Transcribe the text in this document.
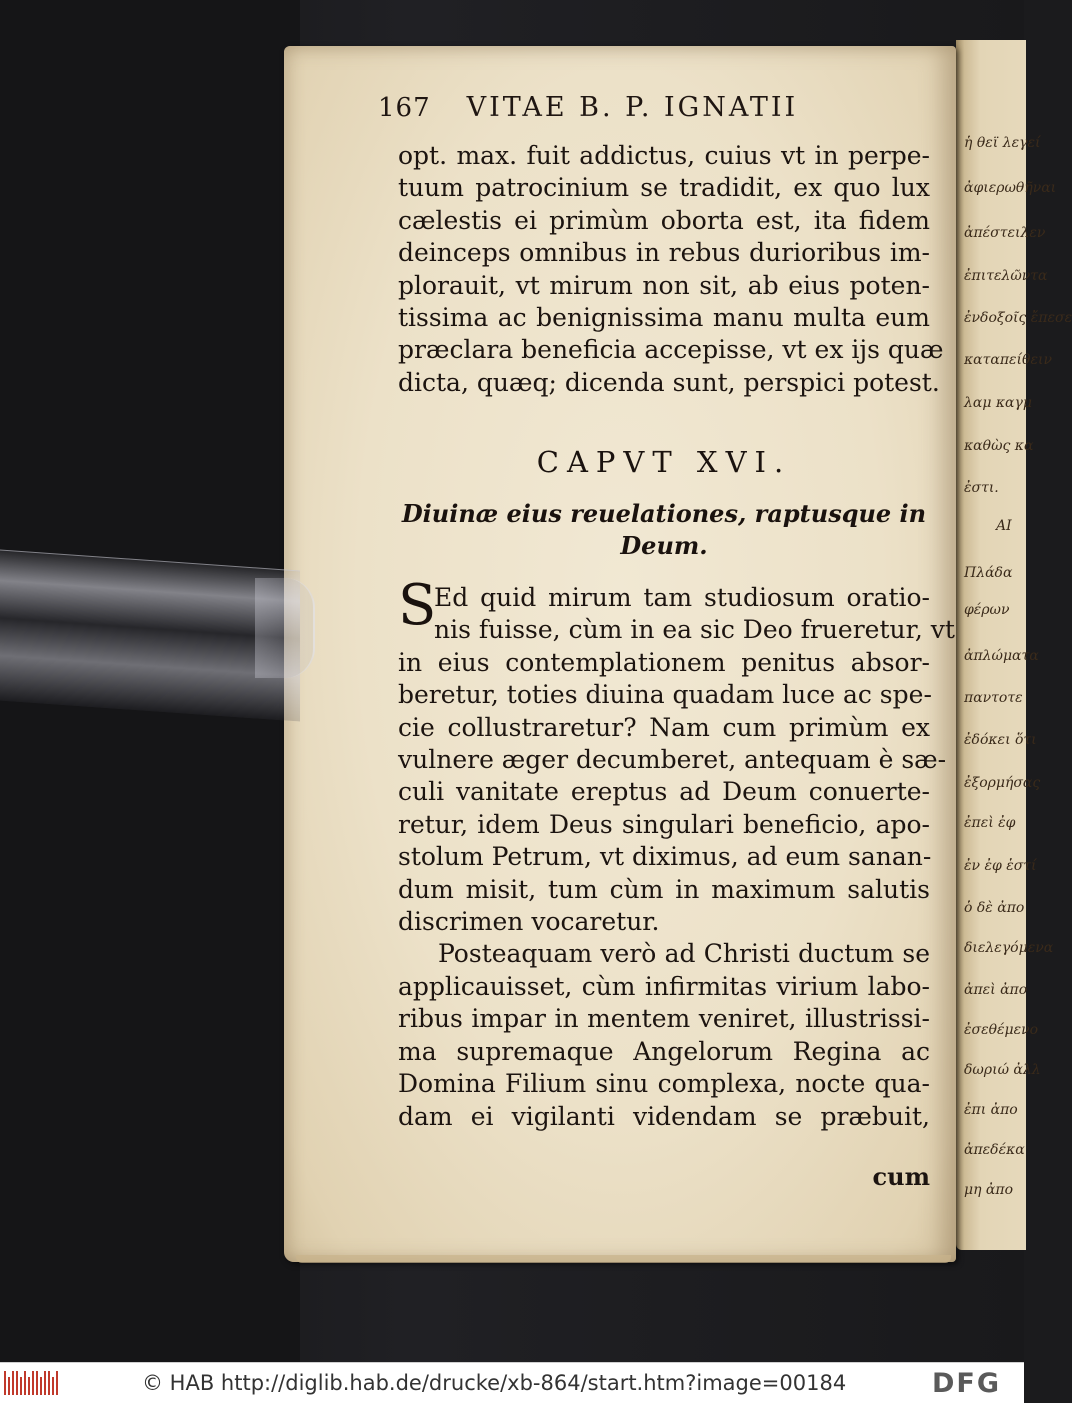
ἡ θεϊ λεγεί
ἀφιερωθῆναι
ἀπέστειλεν
ἐπιτελῶντα
ἐνδοξοῖς ἔπεσε
καταπείθειν
λαμ καγμ
καθὼς κα
ἐστι.
ΑΙ
Πλάδα
φέρων
ἀπλώματα
παντοτε
ἐδόκει ὅτι
ἐξορμήσας
ἐπεὶ ἐφ
ἐν ἐφ ἑστί
ὁ δὲ ἀπο
διελεγόμενα
ἀπεὶ ἀπο
ἐσεθέμενο
δωριώ ἀλλ
ἐπι ἀπο
ἀπεδέκα
μη ἀπο
167 VITAE B. P. IGNATII
opt. max. fuit addictus, cuius vt in perpe-
tuum patrocinium se tradidit, ex quo lux
cælestis ei primùm oborta est, ita fidem
deinceps omnibus in rebus durioribus im-
plorauit, vt mirum non sit, ab eius poten-
tissima ac benignissima manu multa eum
præclara beneficia accepisse, vt ex ijs quæ
dicta, quæq; dicenda sunt, perspici potest.
CAPVT XVI.
Diuinæ eius reuelationes, raptusque in
Deum.
S
Ed quid mirum tam studiosum oratio-
nis fuisse, cùm in ea sic Deo frueretur, vt
in eius contemplationem penitus absor-
beretur, toties diuina quadam luce ac spe-
cie collustraretur? Nam cum primùm ex
vulnere æger decumberet, antequam è sæ-
culi vanitate ereptus ad Deum conuerte-
retur, idem Deus singulari beneficio, apo-
stolum Petrum, vt diximus, ad eum sanan-
dum misit, tum cùm in maximum salutis
discrimen vocaretur.
Posteaquam verò ad Christi ductum se
applicauisset, cùm infirmitas virium labo-
ribus impar in mentem veniret, illustrissi-
ma supremaque Angelorum Regina ac
Domina Filium sinu complexa, nocte qua-
dam ei vigilanti videndam se præbuit,
cum
© HAB http://diglib.hab.de/drucke/xb-864/start.htm?image=00184	DFG
